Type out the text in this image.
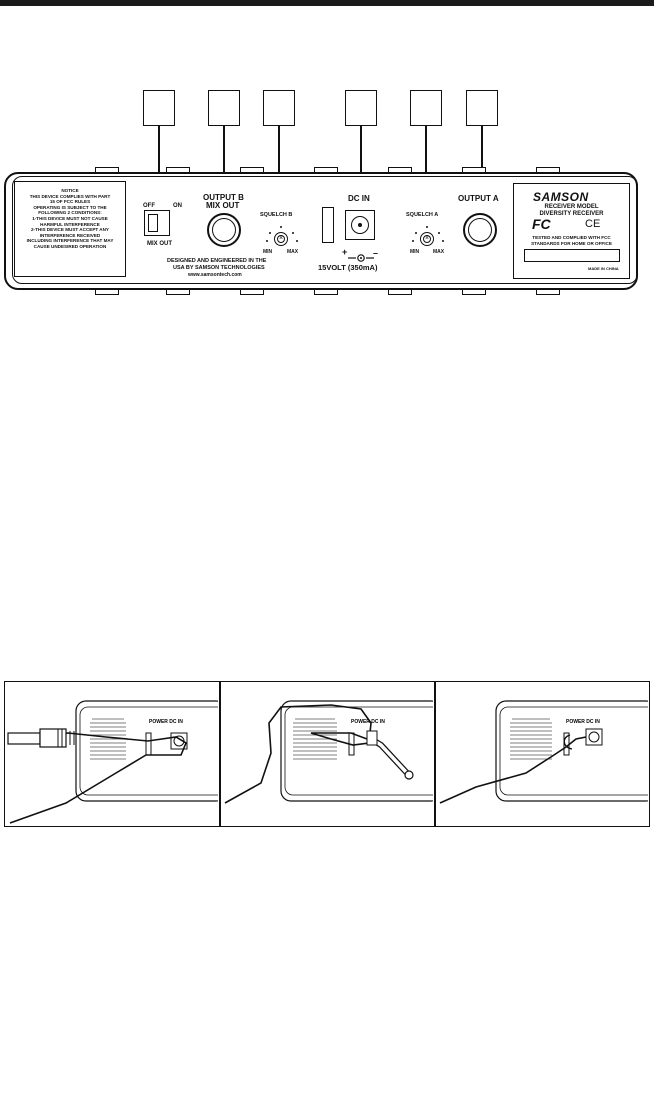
NOTICE
THIS DEVICE COMPLIES WITH PART
15 OF FCC RULES
OPERATING IS SUBJECT TO THE
FOLLOWING 2 CONDITIONS:
1-THIS DEVICE MUST NOT CAUSE
HARMFUL INTERFERENCE
2-THIS DEVICE MUST ACCEPT ANY
INTERFERENCE RECEIVED
INCLUDING INTERFERENCE THAT MAY
CAUSE UNDESIRED OPERATION
OFF	ON
MIX OUT
OUTPUT B
MIX OUT
SQUELCH B
×
MIN	MAX
DESIGNED AND ENGINEERED IN THE
USA BY SAMSON TECHNOLOGIES
www.samsontech.com
DC IN
+	–
15VOLT (350mA)
SQUELCH A
×
MIN	MAX
OUTPUT A	SAMSON
RECEIVER MODEL
DIVERSITY RECEIVER
FC	CE
TESTED AND COMPLIED WITH FCC
STANDARDS FOR HOME OR OFFICE
MADE IN CHINA
POWER DC IN	POWER DC IN	POWER DC IN
